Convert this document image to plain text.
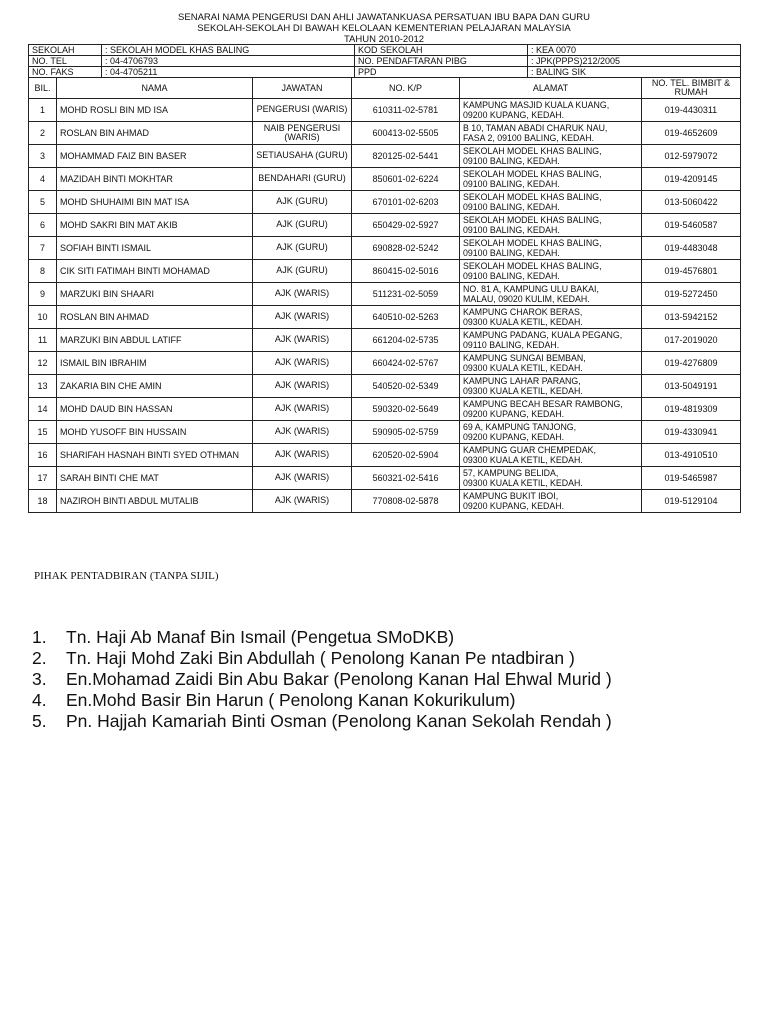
SENARAI NAMA PENGERUSI DAN AHLI JAWATANKUASA PERSATUAN IBU BAPA DAN GURU
SEKOLAH-SEKOLAH DI BAWAH KELOLAAN KEMENTERIAN PELAJARAN MALAYSIA
TAHUN 2010-2012
SEKOLAH	: SEKOLAH MODEL KHAS BALING	KOD SEKOLAH	: KEA 0070
NO. TEL	: 04-4706793	NO. PENDAFTARAN PIBG	: JPK(PPPS)212/2005
NO. FAKS	: 04-4705211	PPD	: BALING SIK
BIL.	NAMA	JAWATAN	NO. K/P	ALAMAT	NO. TEL. BIMBIT & RUMAH
1	MOHD ROSLI BIN MD ISA	PENGERUSI (WARIS)	610311-02-5781	KAMPUNG MASJID KUALA KUANG,
09200 KUPANG, KEDAH.	019-4430311
2	ROSLAN BIN AHMAD	NAIB PENGERUSI (WARIS)	600413-02-5505	B 10, TAMAN ABADI CHARUK NAU,
FASA 2, 09100 BALING, KEDAH.	019-4652609
3	MOHAMMAD FAIZ BIN BASER	SETIAUSAHA (GURU)	820125-02-5441	SEKOLAH MODEL KHAS BALING,
09100 BALING, KEDAH.	012-5979072
4	MAZIDAH BINTI MOKHTAR	BENDAHARI (GURU)	850601-02-6224	SEKOLAH MODEL KHAS BALING,
09100 BALING, KEDAH.	019-4209145
5	MOHD SHUHAIMI BIN MAT ISA	AJK (GURU)	670101-02-6203	SEKOLAH MODEL KHAS BALING,
09100 BALING, KEDAH.	013-5060422
6	MOHD SAKRI BIN MAT AKIB	AJK (GURU)	650429-02-5927	SEKOLAH MODEL KHAS BALING,
09100 BALING, KEDAH.	019-5460587
7	SOFIAH BINTI ISMAIL	AJK (GURU)	690828-02-5242	SEKOLAH MODEL KHAS BALING,
09100 BALING, KEDAH.	019-4483048
8	CIK SITI FATIMAH BINTI MOHAMAD	AJK (GURU)	860415-02-5016	SEKOLAH MODEL KHAS BALING,
09100 BALING, KEDAH.	019-4576801
9	MARZUKI BIN SHAARI	AJK (WARIS)	511231-02-5059	NO. 81 A, KAMPUNG ULU BAKAI,
MALAU, 09020 KULIM, KEDAH.	019-5272450
10	ROSLAN BIN AHMAD	AJK (WARIS)	640510-02-5263	KAMPUNG CHAROK BERAS,
09300 KUALA KETIL, KEDAH.	013-5942152
11	MARZUKI BIN ABDUL LATIFF	AJK (WARIS)	661204-02-5735	KAMPUNG PADANG, KUALA PEGANG,
09110 BALING, KEDAH.	017-2019020
12	ISMAIL BIN IBRAHIM	AJK (WARIS)	660424-02-5767	KAMPUNG SUNGAI BEMBAN,
09300 KUALA KETIL, KEDAH.	019-4276809
13	ZAKARIA BIN CHE AMIN	AJK (WARIS)	540520-02-5349	KAMPUNG LAHAR PARANG,
09300 KUALA KETIL, KEDAH.	013-5049191
14	MOHD DAUD BIN HASSAN	AJK (WARIS)	590320-02-5649	KAMPUNG BECAH BESAR RAMBONG,
09200 KUPANG, KEDAH.	019-4819309
15	MOHD YUSOFF BIN HUSSAIN	AJK (WARIS)	590905-02-5759	69 A, KAMPUNG TANJONG,
09200 KUPANG, KEDAH.	019-4330941
16	SHARIFAH HASNAH BINTI SYED OTHMAN	AJK (WARIS)	620520-02-5904	KAMPUNG GUAR CHEMPEDAK,
09300 KUALA KETIL, KEDAH.	013-4910510
17	SARAH BINTI CHE MAT	AJK (WARIS)	560321-02-5416	57, KAMPUNG BELIDA,
09300 KUALA KETIL, KEDAH.	019-5465987
18	NAZIROH BINTI ABDUL MUTALIB	AJK (WARIS)	770808-02-5878	KAMPUNG BUKIT IBOI,
09200 KUPANG, KEDAH.	019-5129104
PIHAK PENTADBIRAN (TANPA SIJIL)
1. Tn. Haji Ab Manaf Bin Ismail (Pengetua SMoDKB)
2. Tn. Haji Mohd Zaki Bin Abdullah ( Penolong Kanan Pe ntadbiran )
3. En.Mohamad Zaidi Bin Abu Bakar (Penolong Kanan Hal Ehwal Murid )
4. En.Mohd Basir Bin Harun ( Penolong Kanan Kokurikulum)
5. Pn. Hajjah Kamariah Binti Osman (Penolong Kanan Sekolah Rendah )
